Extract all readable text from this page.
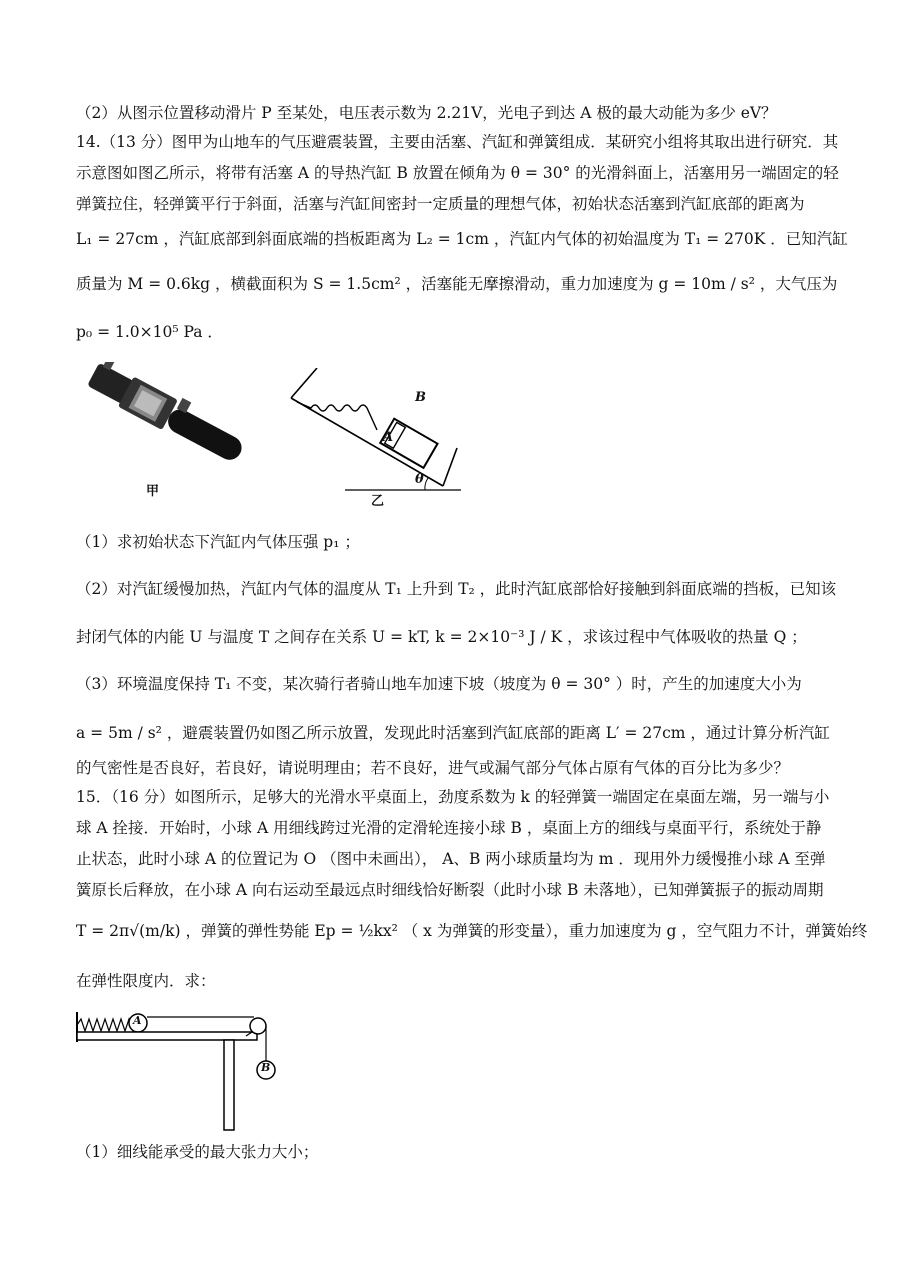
（2）从图示位置移动滑片 P 至某处，电压表示数为 2.21V，光电子到达 A 极的最大动能为多少 eV？
14.（13 分）图甲为山地车的气压避震装置，主要由活塞、汽缸和弹簧组成．某研究小组将其取出进行研究．其
示意图如图乙所示，将带有活塞 A 的导热汽缸 B 放置在倾角为 θ = 30° 的光滑斜面上，活塞用另一端固定的轻
弹簧拉住，轻弹簧平行于斜面，活塞与汽缸间密封一定质量的理想气体，初始状态活塞到汽缸底部的距离为
L₁ = 27cm ，汽缸底部到斜面底端的挡板距离为 L₂ = 1cm ，汽缸内气体的初始温度为 T₁ = 270K ．已知汽缸
质量为 M = 0.6kg ，横截面积为 S = 1.5cm² ，活塞能无摩擦滑动，重力加速度为 g = 10m / s² ，大气压为
p₀ = 1.0×10⁵ Pa ．
甲
A
B
θ
乙
（1）求初始状态下汽缸内气体压强 p₁ ；
（2）对汽缸缓慢加热，汽缸内气体的温度从 T₁ 上升到 T₂ ，此时汽缸底部恰好接触到斜面底端的挡板，已知该
封闭气体的内能 U 与温度 T 之间存在关系 U = kT, k = 2×10⁻³ J / K ，求该过程中气体吸收的热量 Q ；
（3）环境温度保持 T₁ 不变，某次骑行者骑山地车加速下坡（坡度为 θ = 30° ）时，产生的加速度大小为
a = 5m / s² ，避震装置仍如图乙所示放置，发现此时活塞到汽缸底部的距离 L′ = 27cm ，通过计算分析汽缸
的气密性是否良好，若良好，请说明理由；若不良好，进气或漏气部分气体占原有气体的百分比为多少？
15．（16 分）如图所示，足够大的光滑水平桌面上，劲度系数为 k 的轻弹簧一端固定在桌面左端，另一端与小
球 A 拴接．开始时，小球 A 用细线跨过光滑的定滑轮连接小球 B ，桌面上方的细线与桌面平行，系统处于静
止状态，此时小球 A 的位置记为 O （图中未画出）， A、B 两小球质量均为 m ．现用外力缓慢推小球 A 至弹
簧原长后释放，在小球 A 向右运动至最远点时细线恰好断裂（此时小球 B 未落地），已知弹簧振子的振动周期
T = 2π√(m/k) ，弹簧的弹性势能 Ep = ½kx² （ x 为弹簧的形变量），重力加速度为 g ，空气阻力不计，弹簧始终
在弹性限度内．求：
A
B
（1）细线能承受的最大张力大小；
